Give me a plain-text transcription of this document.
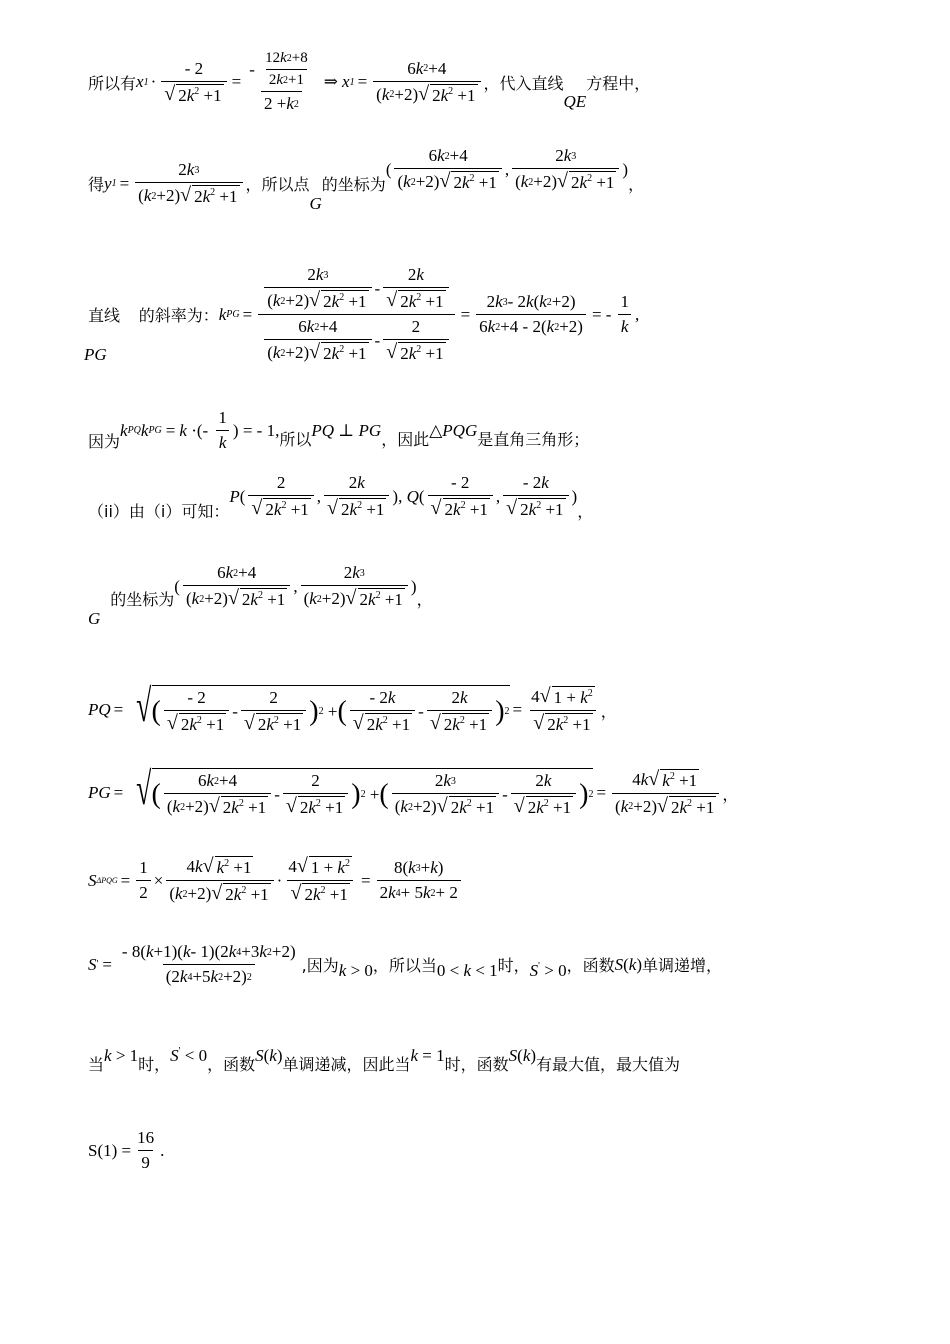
所以有 x $1 \cdot \frac{- 2}{√ 2k^2 +1} = \frac{- \frac{12 k 2 +8}{2 k 2 +1}}{2 + k 2}$ ⇒ x $1 = \frac{6 k 2 +4}{( k 2 +2) √ 2k^2 +1}$ ，代入直线
QE
方程中，
得 y $1 = \frac{2 k 3}{( k 2 +2) √ 2k^2 +1}$ ，所以点
G
的坐标为
( $\frac{6 k 2 +4}{( k 2 +2) √ 2k^2 +1}$ , $\frac{2 k 3}{( k 2 +2) √ 2k^2 +1}$ )
，
直线
PG
的斜率为： k PG = $\frac{\frac{2 k 3}{( k 2 +2) √ 2k^2 +1} - \frac{2 k}{√ 2k^2 +1}}{\frac{6 k 2 +4}{( k 2 +2) √ 2k^2 +1} - \frac{2}{√ 2k^2 +1}} = \frac{2 k 3 - 2 k ( k 2 +2)}{6 k 2 +4 - 2( k 2 +2)}$ = - $\frac{1}{k}$ ,
因为
k PQ k PG = k ·(- $\frac{1}{k}$ ) = - 1, 所以 PQ ⊥ PG ，因此 △PQG 是直角三角形；
（ii）由（i）可知：
P ( $\frac{2}{√ 2k^2 +1}$ , $\frac{2 k}{√ 2k^2 +1}$ ), Q ( $\frac{- 2}{√ 2k^2 +1}$ , $\frac{- 2 k}{√ 2k^2 +1}$ )
，
G
的坐标为
( $\frac{6 k 2 +4}{( k 2 +2) √ 2k^2 +1}$ , $\frac{2 k 3}{( k 2 +2) √ 2k^2 +1}$ )
，
PQ = √ ( $\frac{- 2}{√ 2k^2 +1} - \frac{2}{√ 2k^2 +1}$ ) 2 + ( $\frac{- 2 k}{√ 2k^2 +1} - \frac{2 k}{√ 2k^2 +1}$ ) $2 = \frac{4 √ 1 + k^2}{√ 2k^2 +1}$ ，
PG = √ ( $\frac{6 k 2 +4}{( k 2 +2) √ 2k^2 +1} - \frac{2}{√ 2k^2 +1}$ ) 2 + ( $\frac{2 k 3}{( k 2 +2) √ 2k^2 +1} - \frac{2 k}{√ 2k^2 +1}$ ) $2 = \frac{4 k √ k^2 +1}{( k 2 +2) √ 2k^2 +1}$ ，
S $\Delta PQG = \frac{1}{2} \times \frac{4 k √ k^2 +1}{( k 2 +2) √ 2k^2 +1} \cdot \frac{4 √ 1 + k^2}{√ 2k^2 +1} = \frac{8( k 3 + k )}{2 k 4 + 5 k 2 + 2}$
S ' = $\frac{- 8( k +1)( k - 1)(2 k 4 +3 k 2 +2)}{(2 k 4 +5 k 2 +2) 2}$ ,因为 k > 0 ，所以当 0 < k < 1 时， S' > 0 ，函数 S(k) 单调递增，
当 k > 1 时， S' < 0 ，函数 S(k) 单调递减，因此当 k = 1 时，函数 S(k) 有最大值，最大值为
$S(1) = \frac{16}{9}$ .
